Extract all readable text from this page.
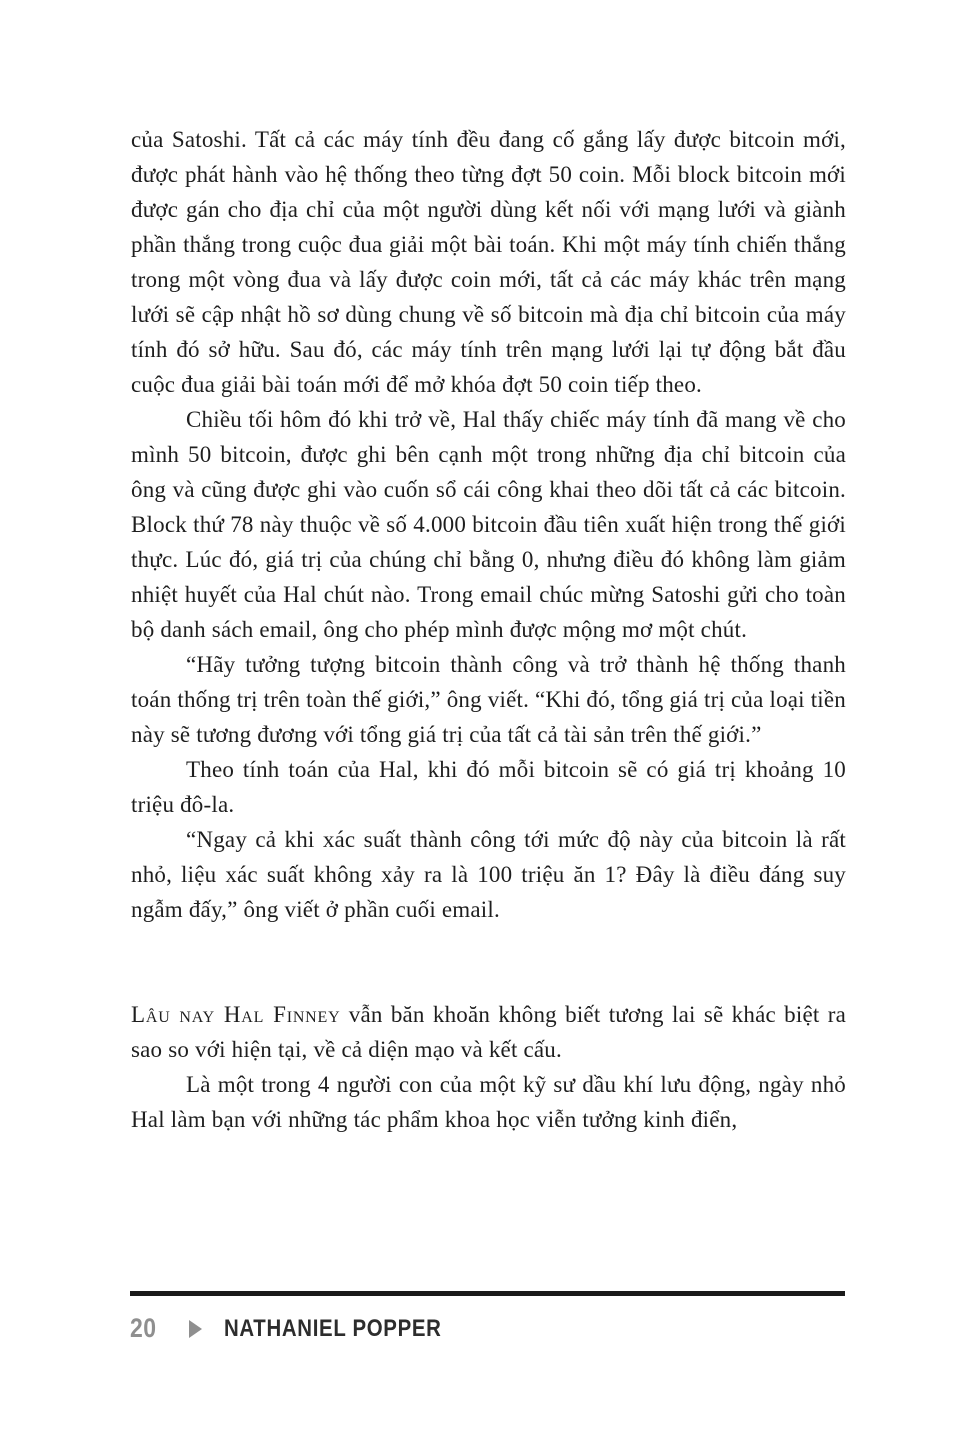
của Satoshi. Tất cả các máy tính đều đang cố gắng lấy được bitcoin mới, được phát hành vào hệ thống theo từng đợt 50 coin. Mỗi block bitcoin mới được gán cho địa chỉ của một người dùng kết nối với mạng lưới và giành phần thắng trong cuộc đua giải một bài toán. Khi một máy tính chiến thắng trong một vòng đua và lấy được coin mới, tất cả các máy khác trên mạng lưới sẽ cập nhật hồ sơ dùng chung về số bitcoin mà địa chỉ bitcoin của máy tính đó sở hữu. Sau đó, các máy tính trên mạng lưới lại tự động bắt đầu cuộc đua giải bài toán mới để mở khóa đợt 50 coin tiếp theo.

Chiều tối hôm đó khi trở về, Hal thấy chiếc máy tính đã mang về cho mình 50 bitcoin, được ghi bên cạnh một trong những địa chỉ bitcoin của ông và cũng được ghi vào cuốn sổ cái công khai theo dõi tất cả các bitcoin. Block thứ 78 này thuộc về số 4.000 bitcoin đầu tiên xuất hiện trong thế giới thực. Lúc đó, giá trị của chúng chỉ bằng 0, nhưng điều đó không làm giảm nhiệt huyết của Hal chút nào. Trong email chúc mừng Satoshi gửi cho toàn bộ danh sách email, ông cho phép mình được mộng mơ một chút.

“Hãy tưởng tượng bitcoin thành công và trở thành hệ thống thanh toán thống trị trên toàn thế giới,” ông viết. “Khi đó, tổng giá trị của loại tiền này sẽ tương đương với tổng giá trị của tất cả tài sản trên thế giới.”

Theo tính toán của Hal, khi đó mỗi bitcoin sẽ có giá trị khoảng 10 triệu đô-la.

“Ngay cả khi xác suất thành công tới mức độ này của bitcoin là rất nhỏ, liệu xác suất không xảy ra là 100 triệu ăn 1? Đây là điều đáng suy ngẫm đấy,” ông viết ở phần cuối email.

Lâu nay Hal Finney vẫn băn khoăn không biết tương lai sẽ khác biệt ra sao so với hiện tại, về cả diện mạo và kết cấu.

Là một trong 4 người con của một kỹ sư dầu khí lưu động, ngày nhỏ Hal làm bạn với những tác phẩm khoa học viễn tưởng kinh điển,

20	NATHANIEL POPPER
